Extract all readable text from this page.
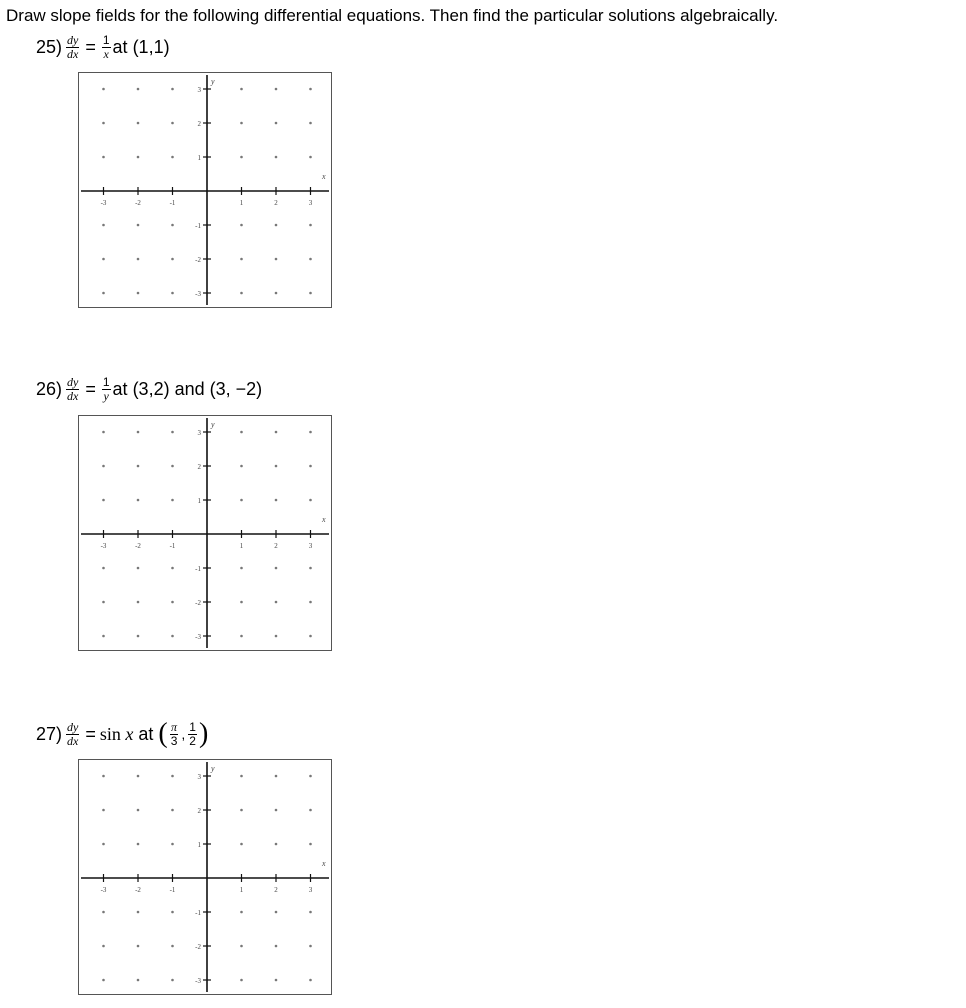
Draw slope fields for the following differential equations. Then find the particular solutions algebraically.
$25) \frac{dy}{dx} = \frac{1}{x}$ at (1,1)
-3	-2	-1	1	2	3
3
2
1
-1
-2
-3
x
y
$26) \frac{dy}{dx} = \frac{1}{y}$ at (3,2) and (3, −2)
-3	-2	-1	1	2	3
3
2
1
-1
-2
-3
x
y
$27) \frac{dy}{dx} = \sin x$ at ( $\frac{\pi}{3}$ , $\frac{1}{2}$ )
-3	-2	-1	1	2	3
3
2
1
-1
-2
-3
x
y
